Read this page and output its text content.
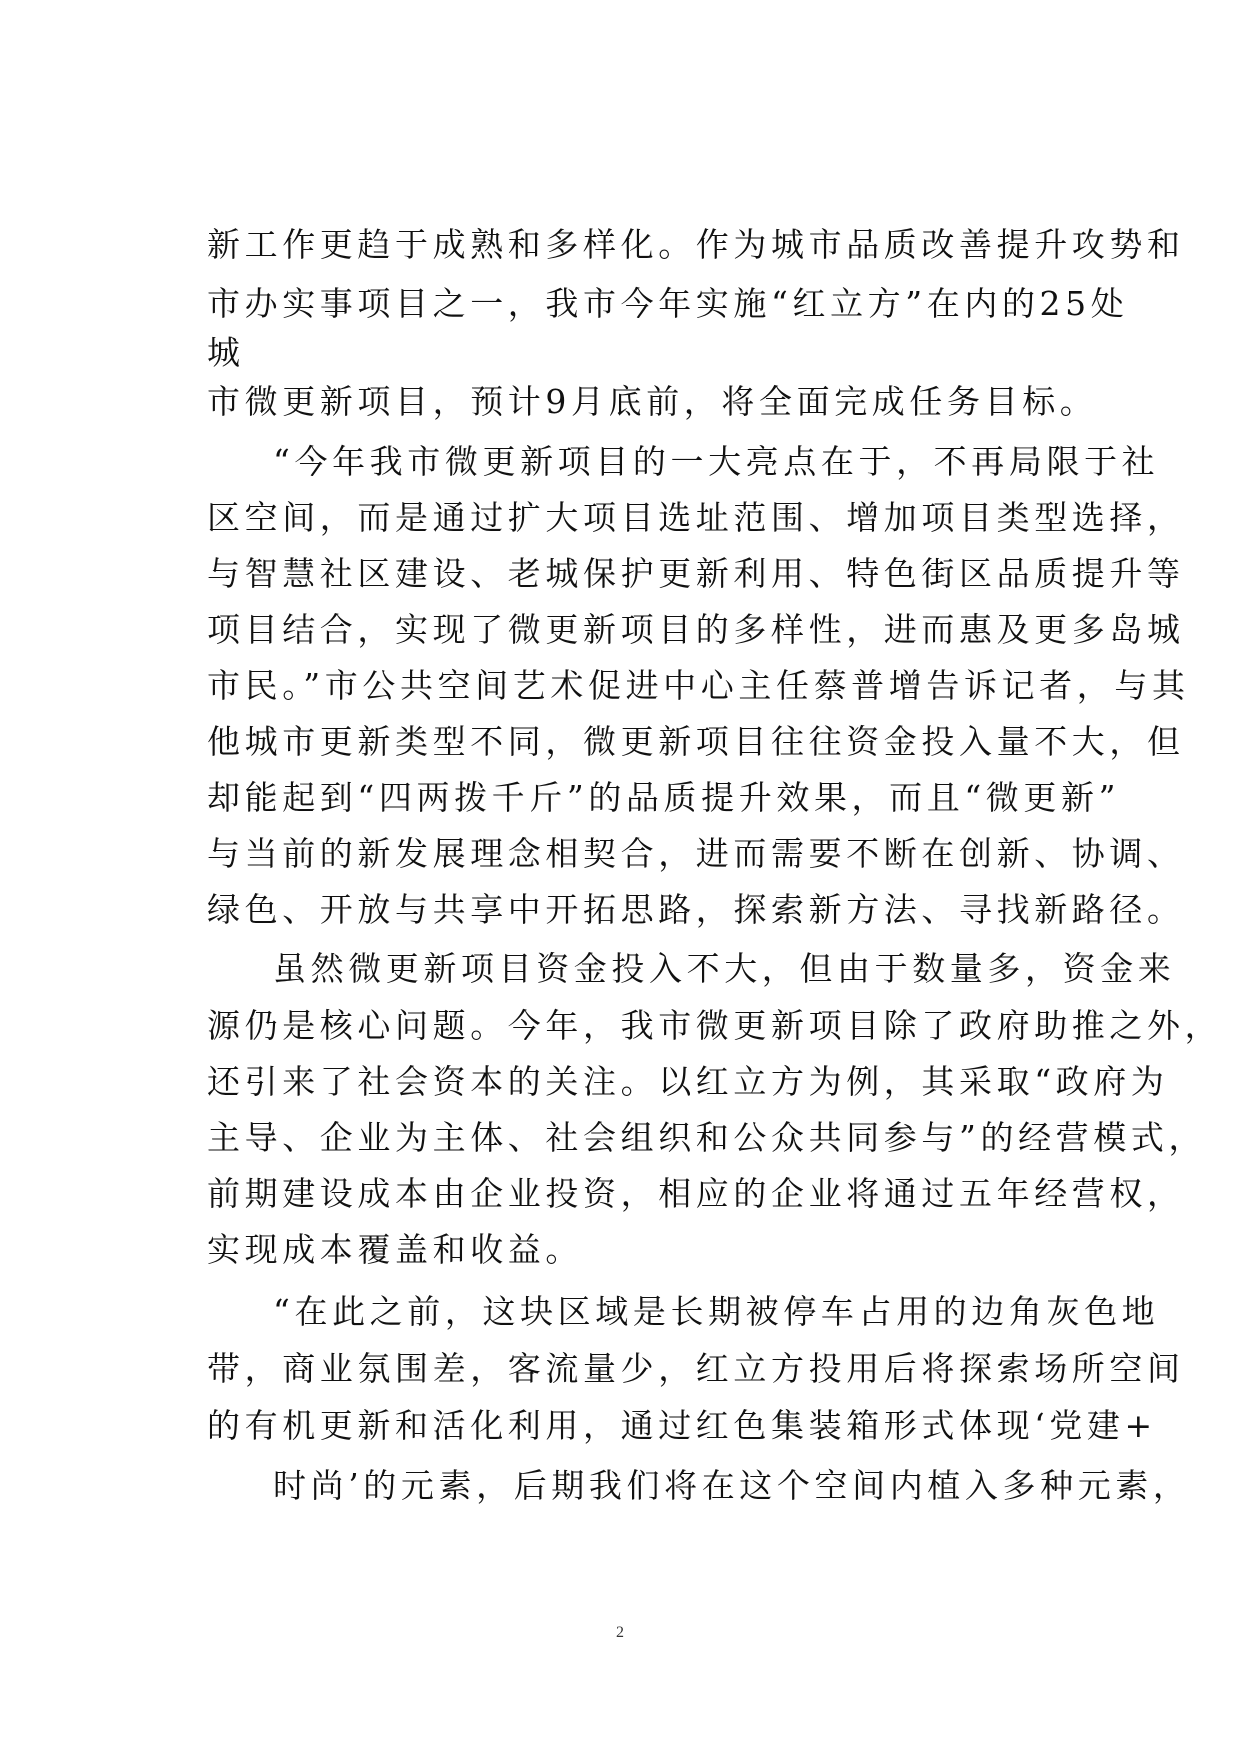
新工作更趋于成熟和多样化。作为城市品质改善提升攻势和
市办实事项目之一，我市今年实施“红立方”在内的25处
城
市微更新项目，预计9月底前，将全面完成任务目标。
“今年我市微更新项目的一大亮点在于，不再局限于社
区空间，而是通过扩大项目选址范围、增加项目类型选择，
与智慧社区建设、老城保护更新利用、特色街区品质提升等
项目结合，实现了微更新项目的多样性，进而惠及更多岛城
市民。”市公共空间艺术促进中心主任蔡普增告诉记者，与其
他城市更新类型不同，微更新项目往往资金投入量不大，但
却能起到“四两拨千斤”的品质提升效果，而且“微更新”
与当前的新发展理念相契合，进而需要不断在创新、协调、
绿色、开放与共享中开拓思路，探索新方法、寻找新路径。
虽然微更新项目资金投入不大，但由于数量多，资金来
源仍是核心问题。今年，我市微更新项目除了政府助推之外，
还引来了社会资本的关注。以红立方为例，其采取“政府为
主导、企业为主体、社会组织和公众共同参与”的经营模式，
前期建设成本由企业投资，相应的企业将通过五年经营权，
实现成本覆盖和收益。
“在此之前，这块区域是长期被停车占用的边角灰色地
带，商业氛围差，客流量少，红立方投用后将探索场所空间
的有机更新和活化利用，通过红色集装箱形式体现‘党建+
时尚’的元素，后期我们将在这个空间内植入多种元素，
2
